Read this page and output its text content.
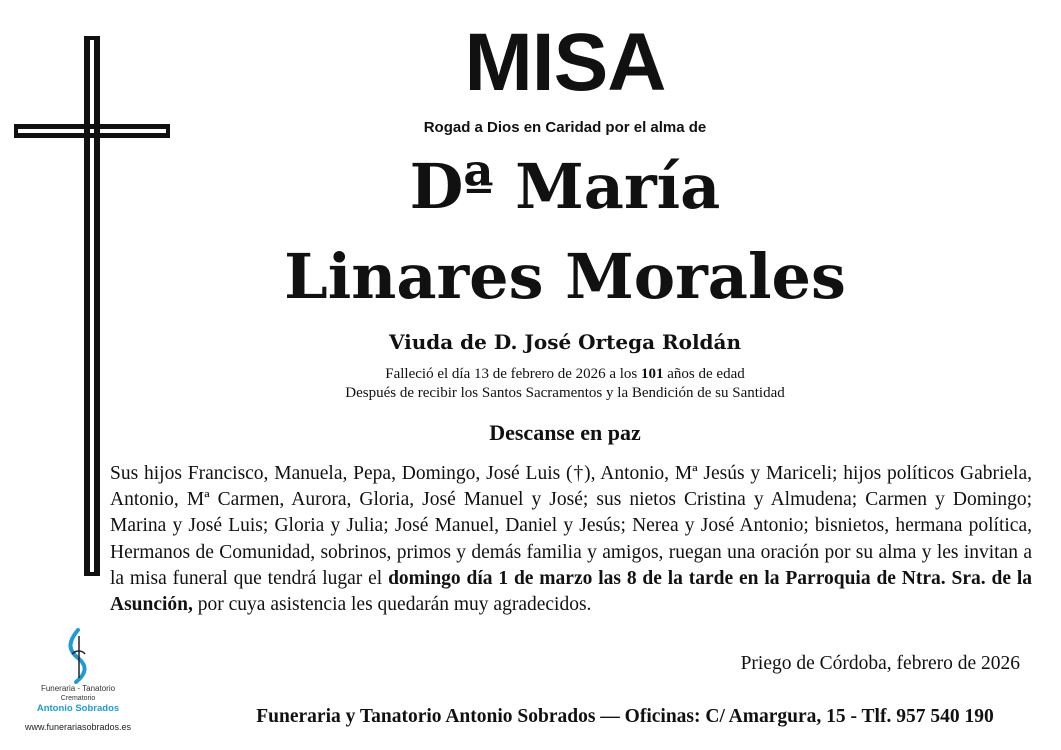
MISA
Rogad a Dios en Caridad por el alma de
Dª María
Linares Morales
Viuda de D. José Ortega Roldán
Falleció el día 13 de febrero de 2026 a los 101 años de edad
Después de recibir los Santos Sacramentos y la Bendición de su Santidad
Descanse en paz
Sus hijos Francisco, Manuela, Pepa, Domingo, José Luis (†), Antonio, Mª Jesús y Mariceli; hijos políticos Gabriela, Antonio, Mª Carmen, Aurora, Gloria, José Manuel y José; sus nietos Cristina y Almudena; Carmen y Domingo; Marina y José Luis; Gloria y Julia; José Manuel, Daniel y Jesús; Nerea y José Antonio; bisnietos, hermana política, Hermanos de Comunidad, sobrinos, primos y demás familia y amigos, ruegan una oración por su alma y les invitan a la misa funeral que tendrá lugar el domingo día 1 de marzo las 8 de la tarde en la Parroquia de Ntra. Sra. de la Asunción, por cuya asistencia les quedarán muy agradecidos.
Priego de Córdoba, febrero de 2026
Funeraria - Tanatorio
Crematorio
Antonio Sobrados
www.funerariasobrados.es	Funeraria y Tanatorio Antonio Sobrados — Oficinas: C/ Amargura, 15 - Tlf. 957 540 190
